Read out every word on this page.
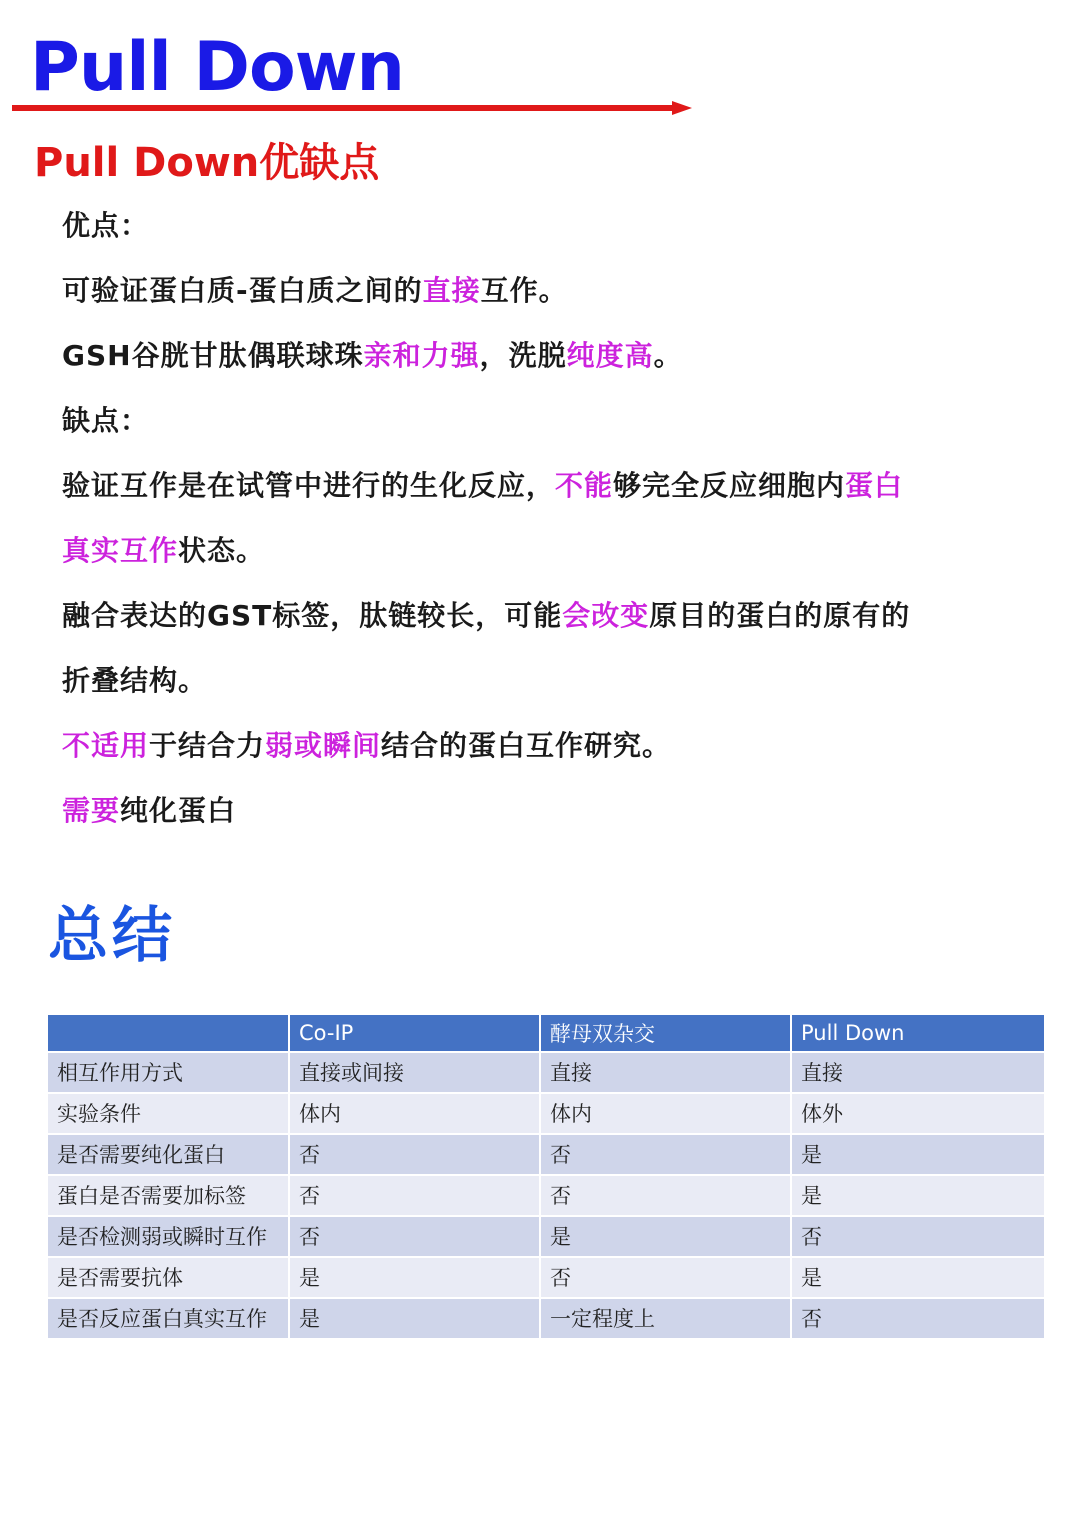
Pull Down
Pull Down优缺点
优点：
可验证蛋白质-蛋白质之间的直接互作。
GSH谷胱甘肽偶联球珠亲和力强，洗脱纯度高。
缺点：
验证互作是在试管中进行的生化反应，不能够完全反应细胞内蛋白
真实互作状态。
融合表达的GST标签，肽链较长，可能会改变原目的蛋白的原有的
折叠结构。
不适用于结合力弱或瞬间结合的蛋白互作研究。
需要纯化蛋白
总结
	Co-IP	酵母双杂交	Pull Down
相互作用方式	直接或间接	直接	直接
实验条件	体内	体内	体外
是否需要纯化蛋白	否	否	是
蛋白是否需要加标签	否	否	是
是否检测弱或瞬时互作	否	是	否
是否需要抗体	是	否	是
是否反应蛋白真实互作	是	一定程度上	否
